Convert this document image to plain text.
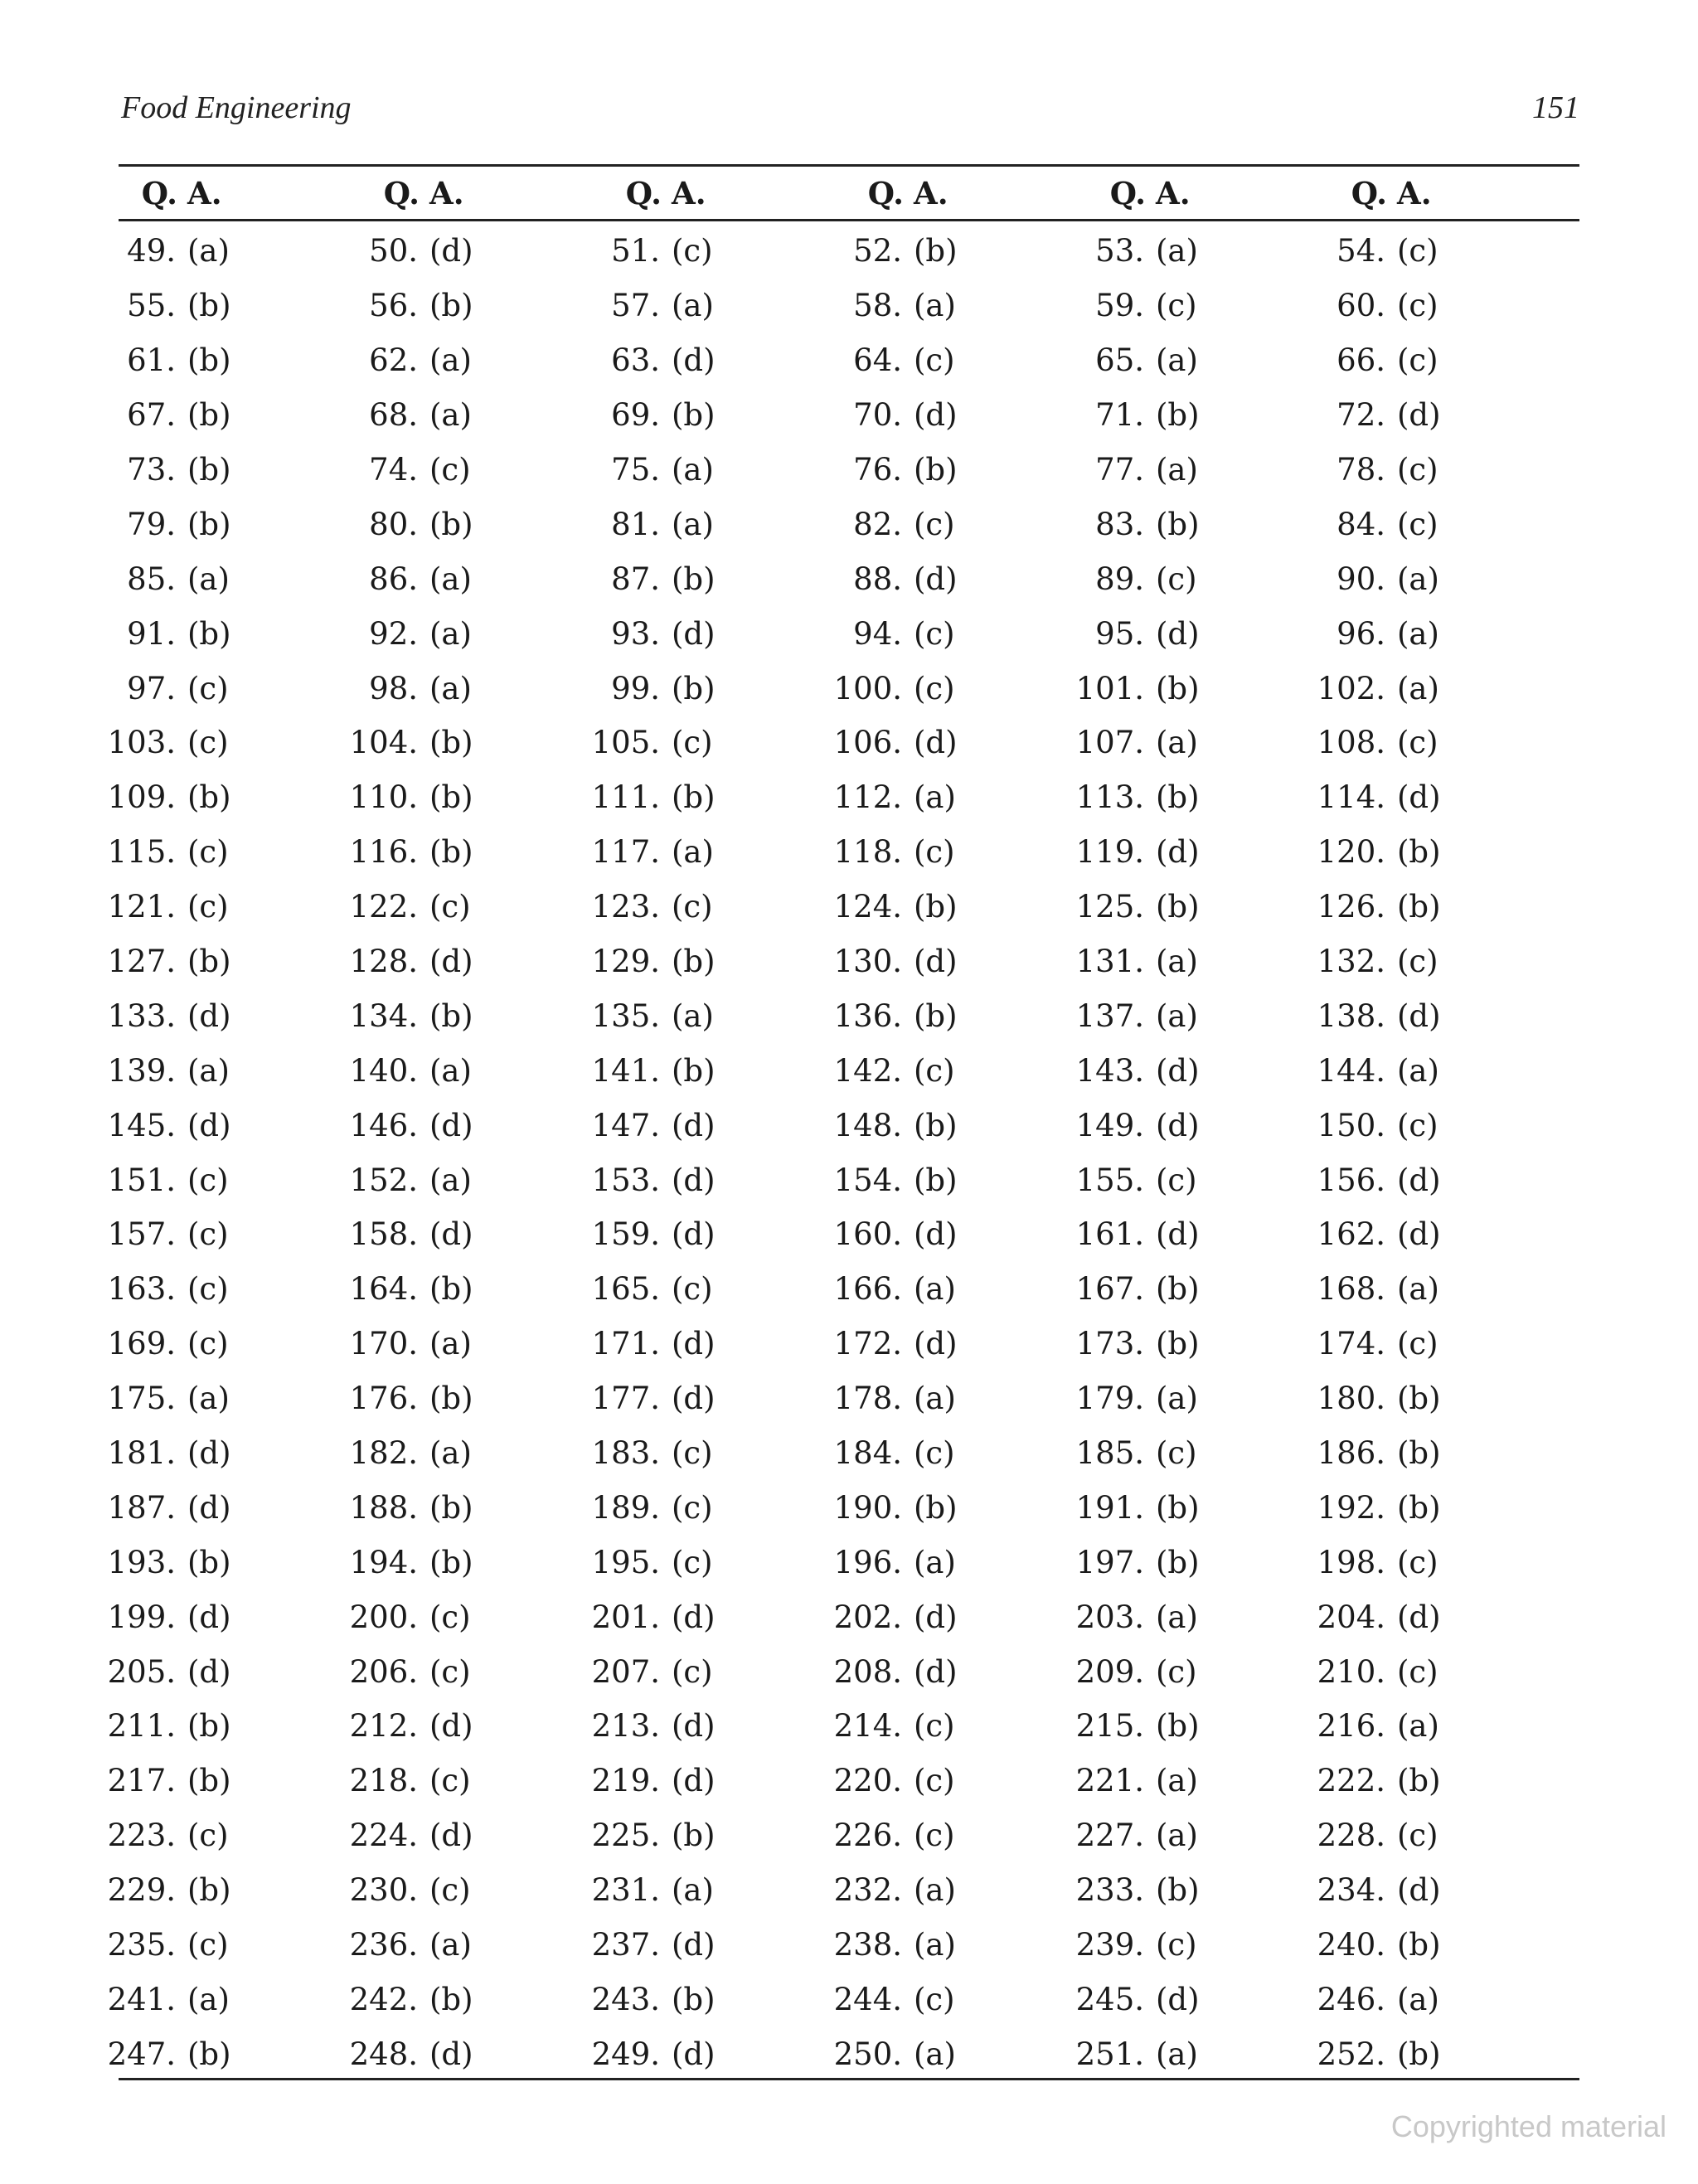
Food Engineering	151
Q. A.	Q. A.	Q. A.	Q. A.	Q. A.	Q. A.
49. (a)	50. (d)	51. (c)	52. (b)	53. (a)	54. (c)
55. (b)	56. (b)	57. (a)	58. (a)	59. (c)	60. (c)
61. (b)	62. (a)	63. (d)	64. (c)	65. (a)	66. (c)
67. (b)	68. (a)	69. (b)	70. (d)	71. (b)	72. (d)
73. (b)	74. (c)	75. (a)	76. (b)	77. (a)	78. (c)
79. (b)	80. (b)	81. (a)	82. (c)	83. (b)	84. (c)
85. (a)	86. (a)	87. (b)	88. (d)	89. (c)	90. (a)
91. (b)	92. (a)	93. (d)	94. (c)	95. (d)	96. (a)
97. (c)	98. (a)	99. (b)	100. (c)	101. (b)	102. (a)
103. (c)	104. (b)	105. (c)	106. (d)	107. (a)	108. (c)
109. (b)	110. (b)	111. (b)	112. (a)	113. (b)	114. (d)
115. (c)	116. (b)	117. (a)	118. (c)	119. (d)	120. (b)
121. (c)	122. (c)	123. (c)	124. (b)	125. (b)	126. (b)
127. (b)	128. (d)	129. (b)	130. (d)	131. (a)	132. (c)
133. (d)	134. (b)	135. (a)	136. (b)	137. (a)	138. (d)
139. (a)	140. (a)	141. (b)	142. (c)	143. (d)	144. (a)
145. (d)	146. (d)	147. (d)	148. (b)	149. (d)	150. (c)
151. (c)	152. (a)	153. (d)	154. (b)	155. (c)	156. (d)
157. (c)	158. (d)	159. (d)	160. (d)	161. (d)	162. (d)
163. (c)	164. (b)	165. (c)	166. (a)	167. (b)	168. (a)
169. (c)	170. (a)	171. (d)	172. (d)	173. (b)	174. (c)
175. (a)	176. (b)	177. (d)	178. (a)	179. (a)	180. (b)
181. (d)	182. (a)	183. (c)	184. (c)	185. (c)	186. (b)
187. (d)	188. (b)	189. (c)	190. (b)	191. (b)	192. (b)
193. (b)	194. (b)	195. (c)	196. (a)	197. (b)	198. (c)
199. (d)	200. (c)	201. (d)	202. (d)	203. (a)	204. (d)
205. (d)	206. (c)	207. (c)	208. (d)	209. (c)	210. (c)
211. (b)	212. (d)	213. (d)	214. (c)	215. (b)	216. (a)
217. (b)	218. (c)	219. (d)	220. (c)	221. (a)	222. (b)
223. (c)	224. (d)	225. (b)	226. (c)	227. (a)	228. (c)
229. (b)	230. (c)	231. (a)	232. (a)	233. (b)	234. (d)
235. (c)	236. (a)	237. (d)	238. (a)	239. (c)	240. (b)
241. (a)	242. (b)	243. (b)	244. (c)	245. (d)	246. (a)
247. (b)	248. (d)	249. (d)	250. (a)	251. (a)	252. (b)
Copyrighted material
